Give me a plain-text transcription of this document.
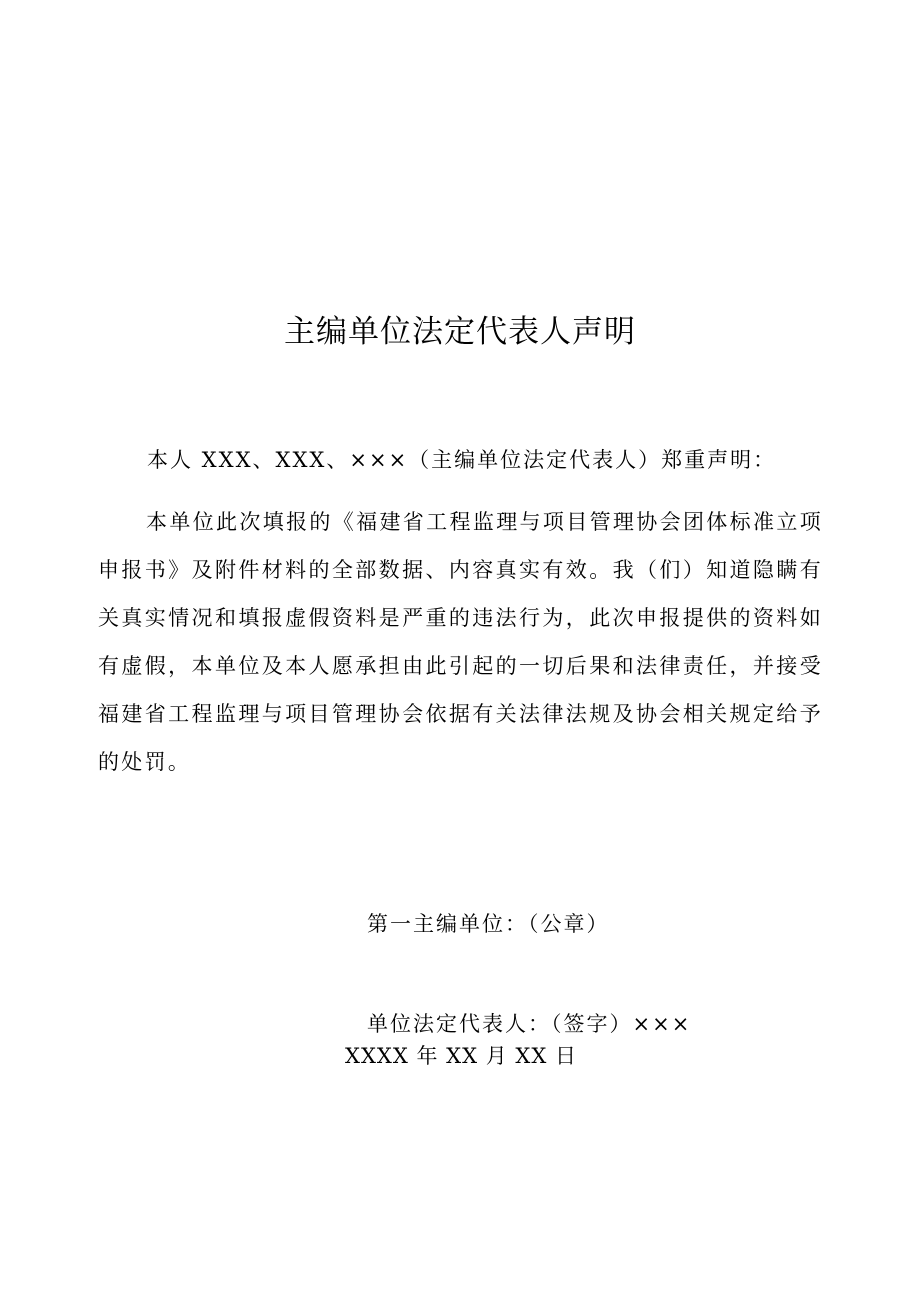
主编单位法定代表人声明
本人 XXX、XXX、×××（主编单位法定代表人）郑重声明：
本单位此次填报的《福建省工程监理与项目管理协会团体标准立项申报书》及附件材料的全部数据、内容真实有效。我（们）知道隐瞒有关真实情况和填报虚假资料是严重的违法行为，此次申报提供的资料如有虚假，本单位及本人愿承担由此引起的一切后果和法律责任，并接受福建省工程监理与项目管理协会依据有关法律法规及协会相关规定给予的处罚。
第一主编单位：（公章）
单位法定代表人：（签字）×××
XXXX 年 XX 月 XX 日
